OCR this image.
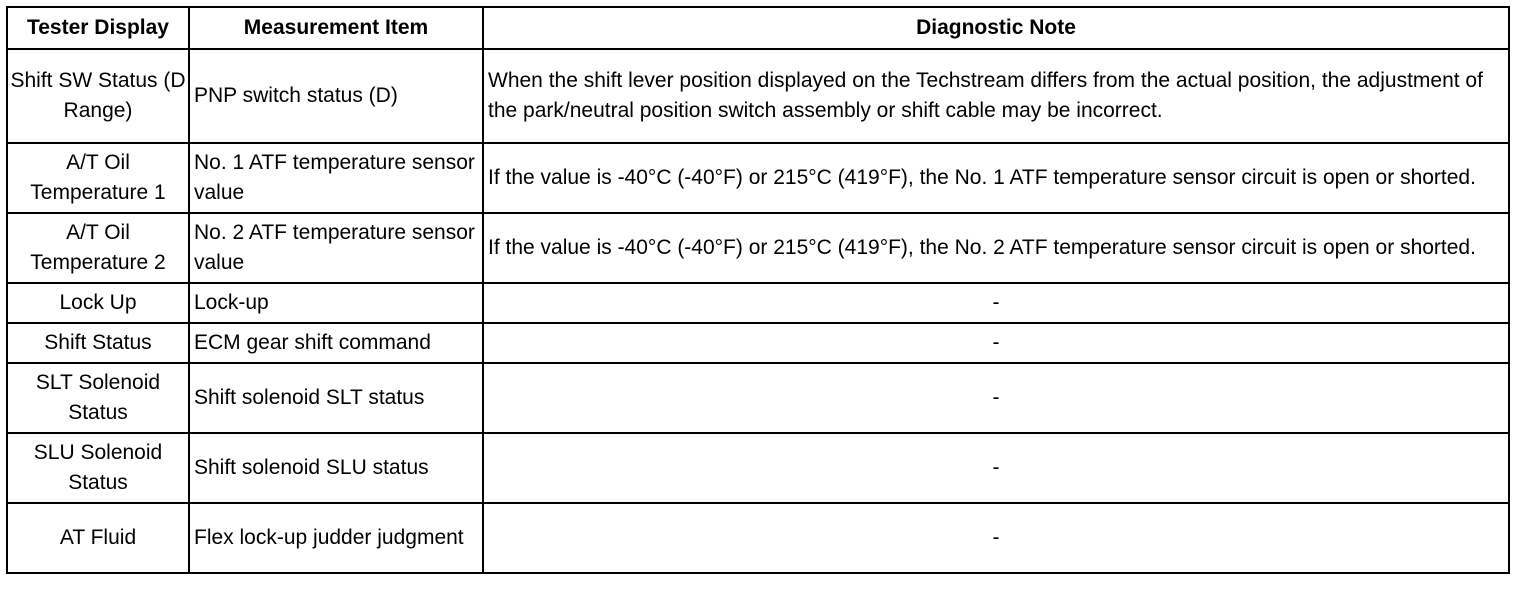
Tester Display	Measurement Item	Diagnostic Note
Shift SW Status (D Range)	PNP switch status (D)	When the shift lever position displayed on the Techstream differs from the actual position, the adjustment of the park/neutral position switch assembly or shift cable may be incorrect.
A/T Oil Temperature 1	No. 1 ATF temperature sensor value	If the value is -40°C (-40°F) or 215°C (419°F), the No. 1 ATF temperature sensor circuit is open or shorted.
A/T Oil Temperature 2	No. 2 ATF temperature sensor value	If the value is -40°C (-40°F) or 215°C (419°F), the No. 2 ATF temperature sensor circuit is open or shorted.
Lock Up	Lock-up	-
Shift Status	ECM gear shift command	-
SLT Solenoid Status	Shift solenoid SLT status	-
SLU Solenoid Status	Shift solenoid SLU status	-
AT Fluid	Flex lock-up judder judgment	-
